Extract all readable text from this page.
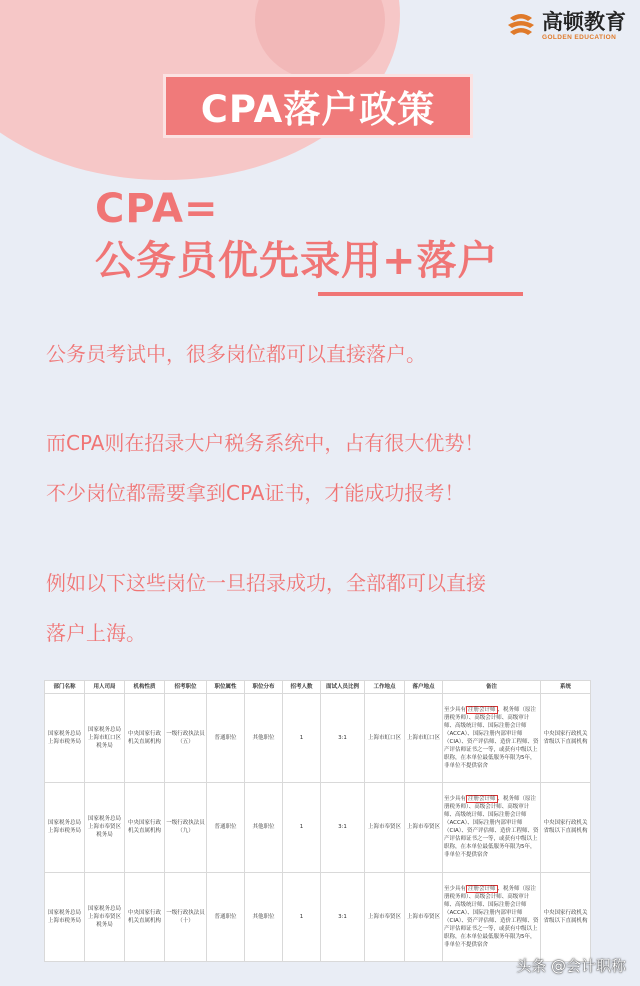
高顿教育
GOLDEN EDUCATION
CPA落户政策
CPA=
公务员优先录用+落户
公务员考试中，很多岗位都可以直接落户。
而CPA则在招录大户税务系统中，占有很大优势！
不少岗位都需要拿到CPA证书，才能成功报考！
例如以下这些岗位一旦招录成功，全部都可以直接
落户上海。
部门名称	用人司局	机构性质	招考职位	职位属性	职位分布	招考人数	面试人员比例	工作地点	落户地点	备注	系统
国家税务总局上海市税务局	国家税务总局上海市虹口区税务局	中央国家行政机关直属机构	一级行政执法员（五）	普通职位	其他职位	1	3:1	上海市虹口区	上海市虹口区	至少具有 注册会计师 、税务师（原注册税务师）、高级会计师、高级审计师、高级统计师、国际注册会计师（ACCA）、国际注册内部审计师（CIA）、资产评估师、造价工程师、资产评估师证书之一等，或获有中级以上职称，在本单位最低服务年限为5年，非单位不提供宿舍	中央国家行政机关省级以下直属机构
国家税务总局上海市税务局	国家税务总局上海市奉贤区税务局	中央国家行政机关直属机构	一级行政执法员（九）	普通职位	其他职位	1	3:1	上海市奉贤区	上海市奉贤区	至少具有 注册会计师 、税务师（原注册税务师）、高级会计师、高级审计师、高级统计师、国际注册会计师（ACCA）、国际注册内部审计师（CIA）、资产评估师、造价工程师、资产评估师证书之一等，或获有中级以上职称，在本单位最低服务年限为5年，非单位不提供宿舍	中央国家行政机关省级以下直属机构
国家税务总局上海市税务局	国家税务总局上海市奉贤区税务局	中央国家行政机关直属机构	一级行政执法员（十）	普通职位	其他职位	1	3:1	上海市奉贤区	上海市奉贤区	至少具有 注册会计师 、税务师（原注册税务师）、高级会计师、高级审计师、高级统计师、国际注册会计师（ACCA）、国际注册内部审计师（CIA）、资产评估师、造价工程师、资产评估师证书之一等，或获有中级以上职称，在本单位最低服务年限为5年，非单位不提供宿舍	中央国家行政机关省级以下直属机构
头条 @会计职称
